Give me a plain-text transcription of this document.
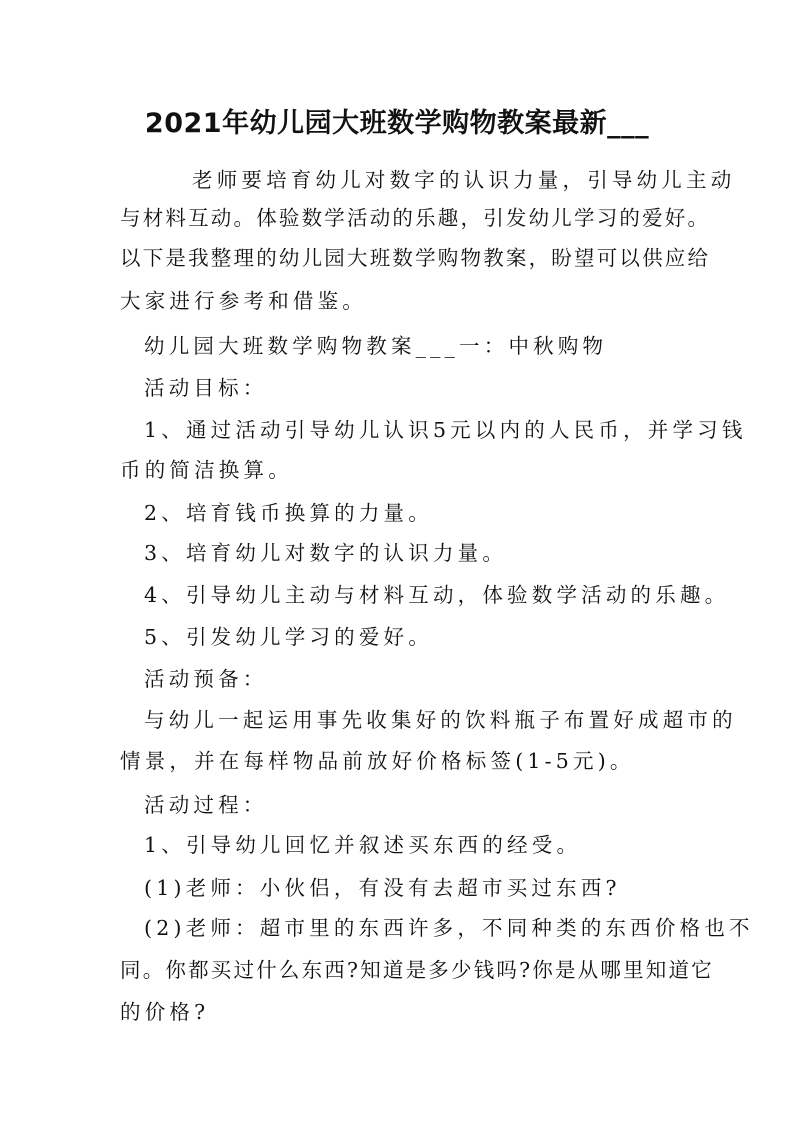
2021年幼儿园大班数学购物教案最新___
老师要培育幼儿对数字的认识力量，引导幼儿主动
与材料互动。体验数学活动的乐趣，引发幼儿学习的爱好。
以下是我整理的幼儿园大班数学购物教案，盼望可以供应给
大家进行参考和借鉴。
幼儿园大班数学购物教案___一：中秋购物
活动目标：
1、通过活动引导幼儿认识5元以内的人民币，并学习钱
币的简洁换算。
2、培育钱币换算的力量。
3、培育幼儿对数字的认识力量。
4、引导幼儿主动与材料互动，体验数学活动的乐趣。
5、引发幼儿学习的爱好。
活动预备：
与幼儿一起运用事先收集好的饮料瓶子布置好成超市的
情景，并在每样物品前放好价格标签(1-5元)。
活动过程：
1、引导幼儿回忆并叙述买东西的经受。
(1)老师：小伙侣，有没有去超市买过东西?
(2)老师：超市里的东西许多，不同种类的东西价格也不
同。你都买过什么东西?知道是多少钱吗?你是从哪里知道它
的价格?
